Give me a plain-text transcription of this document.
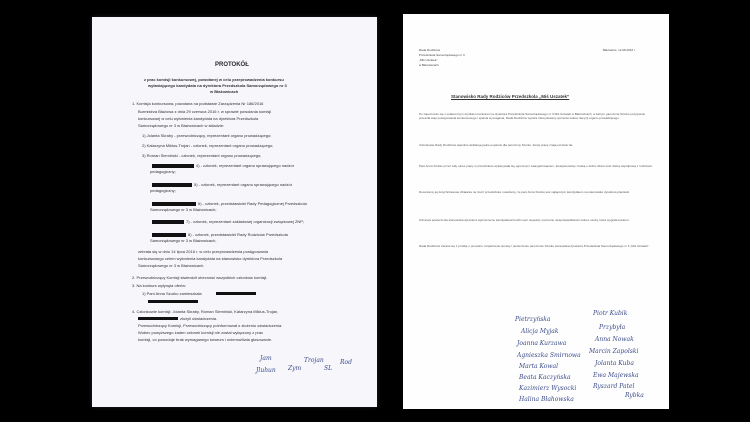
PROTOKÓŁ
z prac komisji konkursowej, powołanej w celu przeprowadzenia konkursu
wyłaniającego kandydata na dyrektora Przedszkola Samorządowego nr 3
w Błażowicach
1. Komisja konkursowa, powołana na podstawie Zarządzenia Nr 186/2016
Burmistrza Błażowa z dnia 29 czerwca 2016 r. w sprawie powołania komisji
konkursowej w celu wyłonienia kandydata na dyrektora Przedszkola
Samorządowego nr 3 w Błażowicach w składzie:
1) Jolanta Skraby - przewodniczący, reprezentant organu prowadzącego;
2) Katarzyna Miklus-Trojan - członek, reprezentant organu prowadzącego;
3) Roman Siemiński - członek, reprezentant organu prowadzącego;
4) - członek, reprezentant organu sprawującego nadzór
pedagogiczny;
5) - członek, reprezentant organu sprawującego nadzór
pedagogiczny;
6) - członek, przedstawiciel Rady Pedagogicznej Przedszkola
Samorządowego nr 3 w Błażowicach;
7) - członek, reprezentant zakładowej organizacji związkowej ZNP;
8) - członek, przedstawiciel Rady Rodziców Przedszkola
Samorządowego nr 3 w Błażowicach,
zebrała się w dniu 14 lipca 2016 r. w celu przeprowadzenia postępowania
konkursowego celem wyłonienia kandydata na stanowisko dyrektora Przedszkola
Samorządowego nr 3 w Błażowicach.
2. Przewodniczący Komisji stwierdził obecność wszystkich członków komisji.
3. Na konkurs wpłynęła oferta:
1) Pani Anna Szurko zamieszkała
4. Członkowie komisji: Jolanta Skraby, Roman Siemiński, Katarzyna Miklus-Trojan,
złożyli oświadczenia.
Przewodniczący Komisji, Przewodniczący poinformował o złożeniu oświadczenia.
Wobec powyższego żaden członek komisji nie został wyłączony z prac
komisji, co powoduje brak wymaganego kworum i uniemożliwia głosowanie.
Jam
Jluhun Zym
Trojan
SL
Rod
Rada Rodziców
Przedszkola Samorządowego nr 3
„Miś Uszatek”
w Błażowicach
Błażowice, 12.08.2016 r.
Stanowisko Rady Rodziców Przedszkola „Miś Uszatek”
Po zapoznaniu się z ostatecznym wynikiem konkursu na dyrektora Przedszkola Samorządowego nr 3 Miś Uszatek w Błażowicach, w którym pani Anna Szurko pozytywnie przeszła etap postępowania konkursowego i spełnia wymagania, Rada Rodziców wyraża zdecydowany sprzeciw wobec decyzji organu prowadzącego.
Członkowie Rady Rodziców wspólnie deklarują pełne poparcie dla pani Anny Szurko, której pracę znają od wielu lat.
Pani Anna Szurko przez cały okres pracy w przedszkolu wykazywała się ogromnym zaangażowaniem, kreatywnością i troską o dobro dzieci oraz dobrą współpracą z rodzicami.
Doceniamy jej dotychczasowe działania na rzecz przedszkola i uważamy, że pani Anna Szurko jest najlepszym kandydatem na stanowisko dyrektora placówki.
Odmowa powierzenia stanowiska dyrektora wyłonionemu kandydatowi budzi nasz niepokój i poczucie niesprawiedliwości wobec osoby, która wygrała konkurs.
Rada Rodziców zwraca się z prośbą o ponowne rozpatrzenie sprawy i powierzenie pani Annie Szurko stanowiska dyrektora Przedszkola Samorządowego nr 3 „Miś Uszatek”.
Pietrzyńska
Piotr Kubik
Alicja Myjak
Przybyła
Joanna Kurzawa
Anna Nowak
Agnieszka Smirnowa
Marcin Zapolski
Marta Kowal	Jolanta Kuba
Beata Kaczyńska	Ewa Majewska
Kazimierz Wysocki	Ryszard Patel
Halina Błahowska
Rybka
